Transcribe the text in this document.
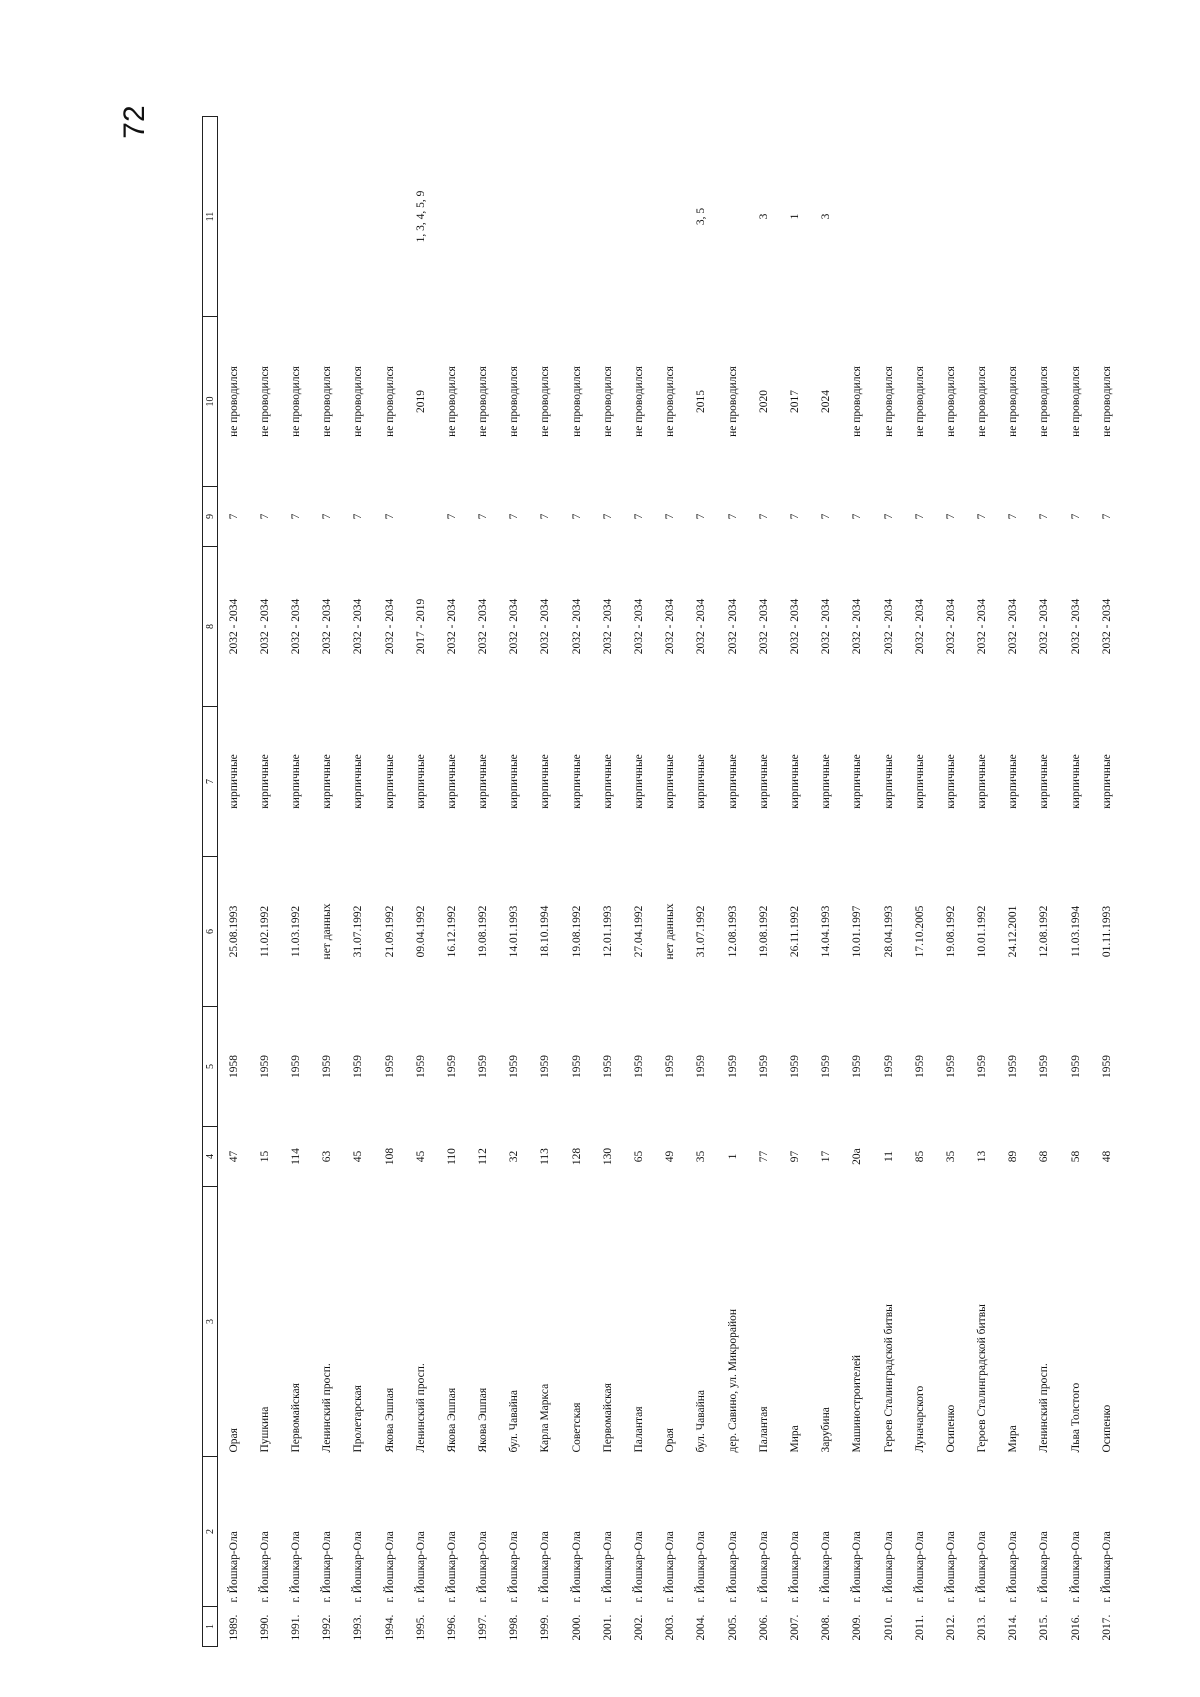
72
1	2	3	4	5	6	7	8	9	10	11
1989.	г. Йошкар-Ола	Орая	47	1958	25.08.1993	кирпичные	2032 - 2034	7	не проводился	
1990.	г. Йошкар-Ола	Пушкина	15	1959	11.02.1992	кирпичные	2032 - 2034	7	не проводился	
1991.	г. Йошкар-Ола	Первомайская	114	1959	11.03.1992	кирпичные	2032 - 2034	7	не проводился	
1992.	г. Йошкар-Ола	Ленинский просп.	63	1959	нет данных	кирпичные	2032 - 2034	7	не проводился	
1993.	г. Йошкар-Ола	Пролетарская	45	1959	31.07.1992	кирпичные	2032 - 2034	7	не проводился	
1994.	г. Йошкар-Ола	Якова Эшпая	108	1959	21.09.1992	кирпичные	2032 - 2034	7	не проводился	
1995.	г. Йошкар-Ола	Ленинский просп.	45	1959	09.04.1992	кирпичные	2017 - 2019		2019	1, 3, 4, 5, 9
1996.	г. Йошкар-Ола	Якова Эшпая	110	1959	16.12.1992	кирпичные	2032 - 2034	7	не проводился	
1997.	г. Йошкар-Ола	Якова Эшпая	112	1959	19.08.1992	кирпичные	2032 - 2034	7	не проводился	
1998.	г. Йошкар-Ола	бул. Чавайна	32	1959	14.01.1993	кирпичные	2032 - 2034	7	не проводился	
1999.	г. Йошкар-Ола	Карла Маркса	113	1959	18.10.1994	кирпичные	2032 - 2034	7	не проводился	
2000.	г. Йошкар-Ола	Советская	128	1959	19.08.1992	кирпичные	2032 - 2034	7	не проводился	
2001.	г. Йошкар-Ола	Первомайская	130	1959	12.01.1993	кирпичные	2032 - 2034	7	не проводился	
2002.	г. Йошкар-Ола	Палантая	65	1959	27.04.1992	кирпичные	2032 - 2034	7	не проводился	
2003.	г. Йошкар-Ола	Орая	49	1959	нет данных	кирпичные	2032 - 2034	7	не проводился	
2004.	г. Йошкар-Ола	бул. Чавайна	35	1959	31.07.1992	кирпичные	2032 - 2034	7	2015	3, 5
2005.	г. Йошкар-Ола	дер. Савино, ул. Микрорайон	1	1959	12.08.1993	кирпичные	2032 - 2034	7	не проводился	
2006.	г. Йошкар-Ола	Палантая	77	1959	19.08.1992	кирпичные	2032 - 2034	7	2020	3
2007.	г. Йошкар-Ола	Мира	97	1959	26.11.1992	кирпичные	2032 - 2034	7	2017	1
2008.	г. Йошкар-Ола	Зарубина	17	1959	14.04.1993	кирпичные	2032 - 2034	7	2024	3
2009.	г. Йошкар-Ола	Машиностроителей	20а	1959	10.01.1997	кирпичные	2032 - 2034	7	не проводился	
2010.	г. Йошкар-Ола	Героев Сталинградской битвы	11	1959	28.04.1993	кирпичные	2032 - 2034	7	не проводился	
2011.	г. Йошкар-Ола	Луначарского	85	1959	17.10.2005	кирпичные	2032 - 2034	7	не проводился	
2012.	г. Йошкар-Ола	Осипенко	35	1959	19.08.1992	кирпичные	2032 - 2034	7	не проводился	
2013.	г. Йошкар-Ола	Героев Сталинградской битвы	13	1959	10.01.1992	кирпичные	2032 - 2034	7	не проводился	
2014.	г. Йошкар-Ола	Мира	89	1959	24.12.2001	кирпичные	2032 - 2034	7	не проводился	
2015.	г. Йошкар-Ола	Ленинский просп.	68	1959	12.08.1992	кирпичные	2032 - 2034	7	не проводился	
2016.	г. Йошкар-Ола	Льва Толстого	58	1959	11.03.1994	кирпичные	2032 - 2034	7	не проводился	
2017.	г. Йошкар-Ола	Осипенко	48	1959	01.11.1993	кирпичные	2032 - 2034	7	не проводился	
